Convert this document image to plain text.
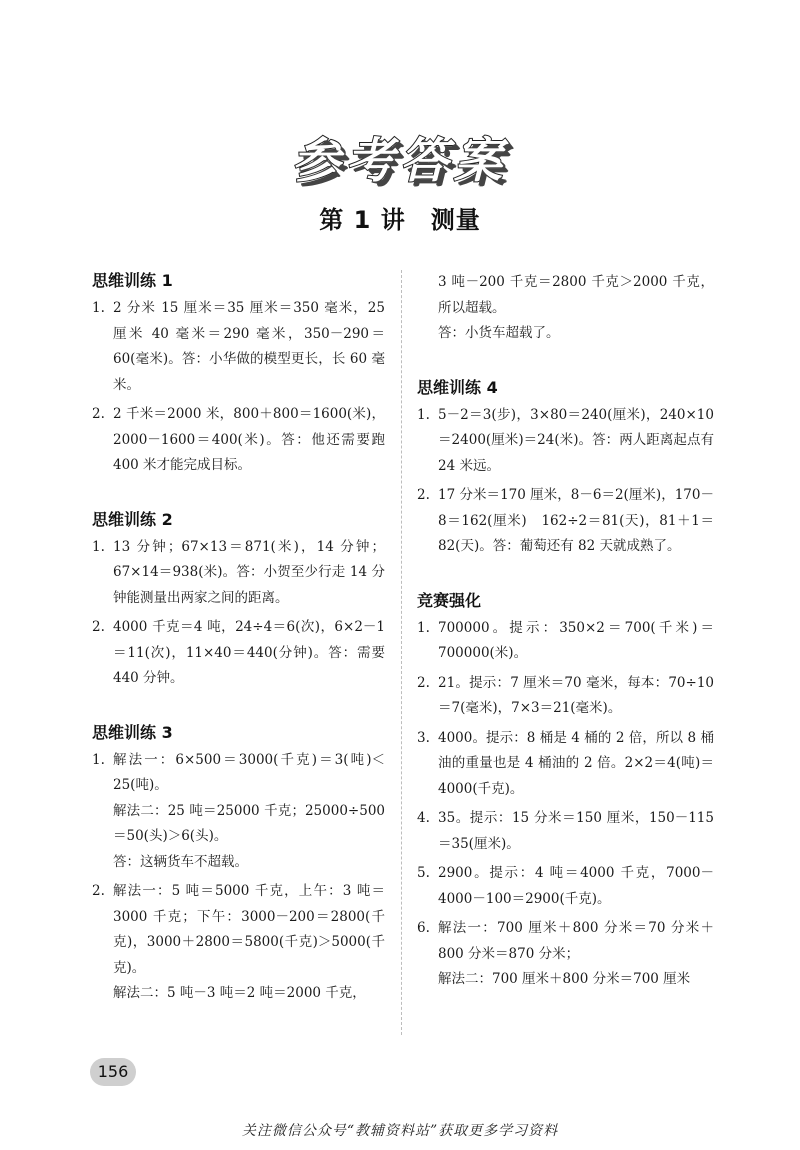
参考答案
第 1 讲　测量
思维训练 1
1. 2 分米 15 厘米＝35 厘米＝350 毫米，25 厘米 40 毫米＝290 毫米，350－290＝60(毫米)。答：小华做的模型更长，长 60 毫米。
2. 2 千米＝2000 米，800＋800＝1600(米)，2000－1600＝400(米)。答：他还需要跑 400 米才能完成目标。
思维训练 2
1. 13 分钟；67×13＝871(米)，14 分钟；67×14＝938(米)。答：小贺至少行走 14 分钟能测量出两家之间的距离。
2. 4000 千克＝4 吨，24÷4＝6(次)，6×2－1＝11(次)，11×40＝440(分钟)。答：需要 440 分钟。
思维训练 3
1. 解法一：6×500＝3000(千克)＝3(吨)＜25(吨)。
解法二：25 吨＝25000 千克；25000÷500＝50(头)＞6(头)。
答：这辆货车不超载。
2. 解法一：5 吨＝5000 千克，上午：3 吨＝3000 千克；下午：3000－200＝2800(千克)，3000＋2800＝5800(千克)＞5000(千克)。
解法二：5 吨－3 吨＝2 吨＝2000 千克，
3 吨－200 千克＝2800 千克＞2000 千克，所以超载。
答：小货车超载了。
思维训练 4
1. 5－2＝3(步)，3×80＝240(厘米)，240×10＝2400(厘米)＝24(米)。答：两人距离起点有 24 米远。
2. 17 分米＝170 厘米，8－6＝2(厘米)，170－8＝162(厘米)　162÷2＝81(天)，81＋1＝82(天)。答：葡萄还有 82 天就成熟了。
竞赛强化
1. 700000。提示：350×2＝700(千米)＝700000(米)。
2. 21。提示：7 厘米＝70 毫米，每本：70÷10＝7(毫米)，7×3＝21(毫米)。
3. 4000。提示：8 桶是 4 桶的 2 倍，所以 8 桶油的重量也是 4 桶油的 2 倍。2×2＝4(吨)＝4000(千克)。
4. 35。提示：15 分米＝150 厘米，150－115＝35(厘米)。
5. 2900。提示：4 吨＝4000 千克，7000－4000－100＝2900(千克)。
6. 解法一：700 厘米＋800 分米＝70 分米＋800 分米＝870 分米；
解法二：700 厘米＋800 分米＝700 厘米
156
关注微信公众号“教辅资料站”获取更多学习资料
